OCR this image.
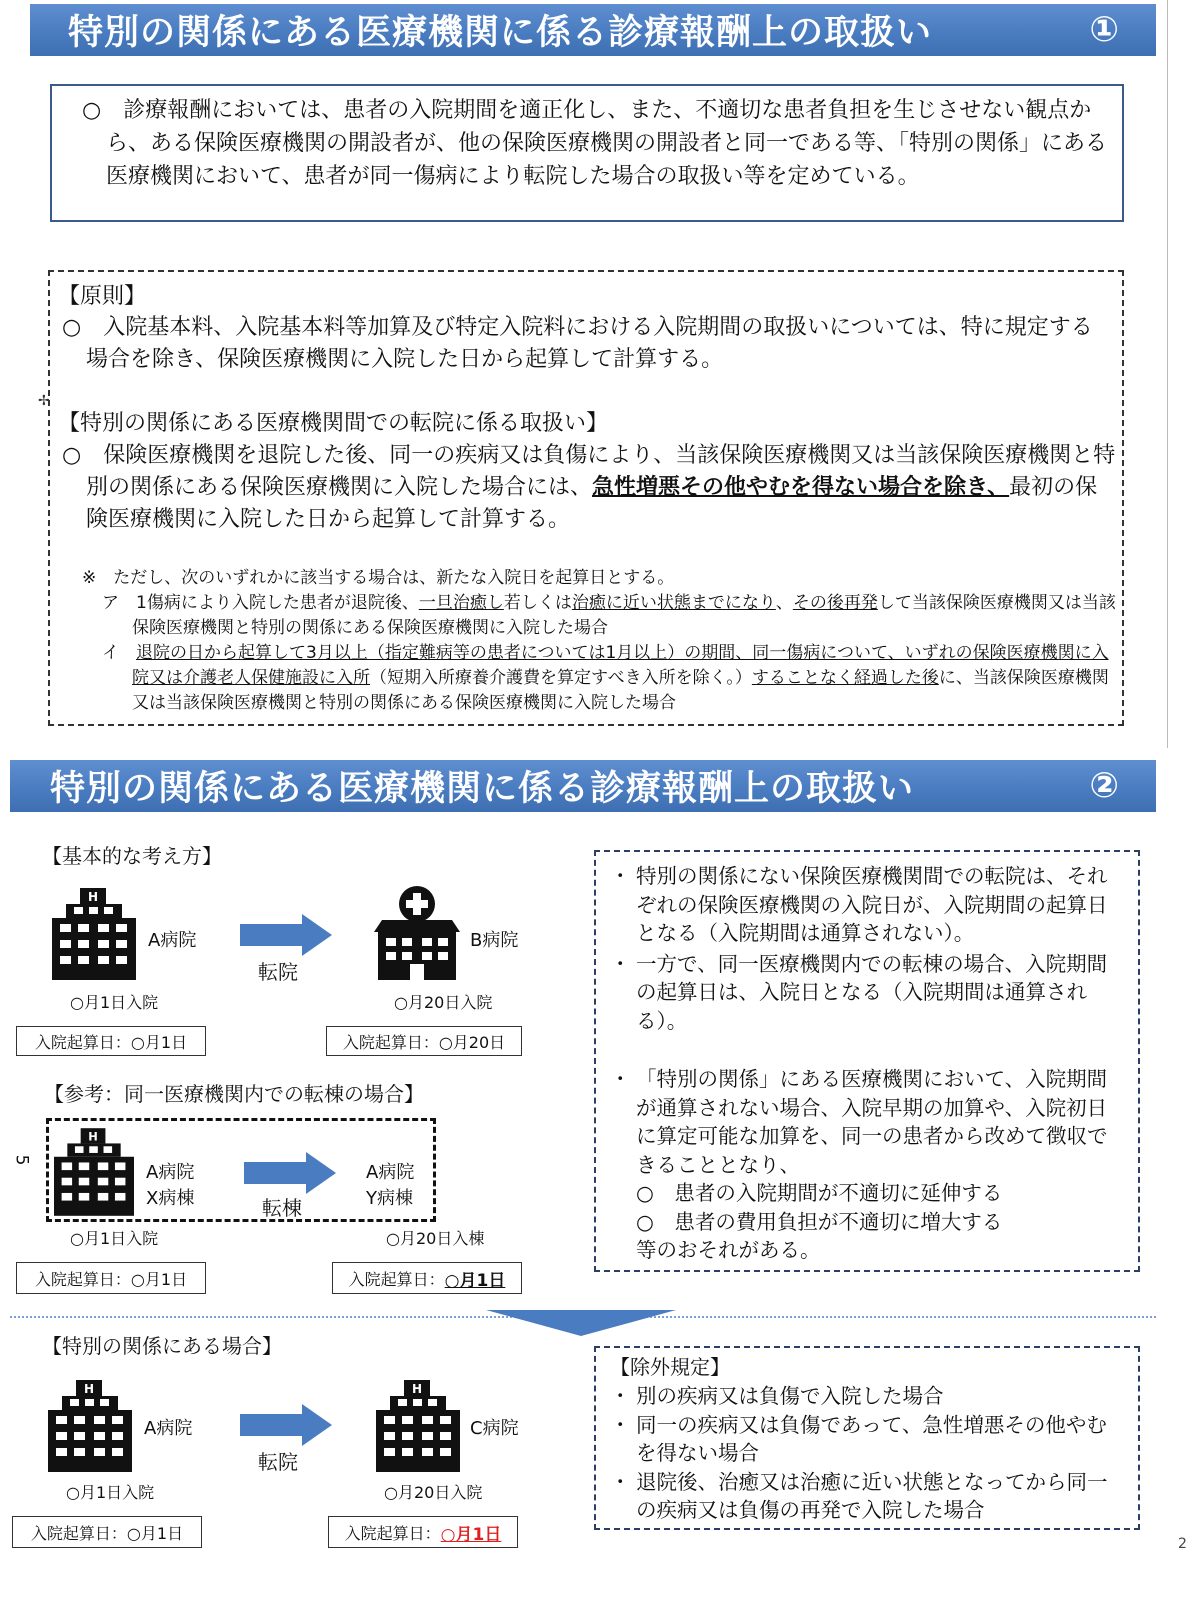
特別の関係にある医療機関に係る診療報酬上の取扱い	①

○　診療報酬においては、患者の入院期間を適正化し、また、不適切な患者負担を生じさせない観点から、ある保険医療機関の開設者が、他の保険医療機関の開設者と同一である等、「特別の関係」にある医療機関において、患者が同一傷病により転院した場合の取扱い等を定めている。

【原則】
○　入院基本料、入院基本料等加算及び特定入院料における入院期間の取扱いについては、特に規定する場合を除き、保険医療機関に入院した日から起算して計算する。
✢
【特別の関係にある医療機関間での転院に係る取扱い】
○　保険医療機関を退院した後、同一の疾病又は負傷により、当該保険医療機関又は当該保険医療機関と特別の関係にある保険医療機関に入院した場合には、急性増悪その他やむを得ない場合を除き、最初の保険医療機関に入院した日から起算して計算する。
※　ただし、次のいずれかに該当する場合は、新たな入院日を起算日とする。
ア　1傷病により入院した患者が退院後、一旦治癒し若しくは治癒に近い状態までになり、その後再発して当該保険医療機関又は当該保険医療機関と特別の関係にある保険医療機関に入院した場合
イ　退院の日から起算して3月以上（指定難病等の患者については1月以上）の期間、同一傷病について、いずれの保険医療機関に入院又は介護老人保健施設に入所（短期入所療養介護費を算定すべき入所を除く。）することなく経過した後に、当該保険医療機関又は当該保険医療機関と特別の関係にある保険医療機関に入院した場合
特別の関係にある医療機関に係る診療報酬上の取扱い	②
【基本的な考え方】
H
A病院
転院
B病院
○月1日入院	○月20日入院
入院起算日：○月1日	入院起算日：○月20日
【参考：同一医療機関内での転棟の場合】
5
H
A病院
X病棟	転棟
A病院
Y病棟
○月1日入院	○月20日入棟
入院起算日：○月1日	入院起算日： ○月1日
・ 特別の関係にない保険医療機関間での転院は、それぞれの保険医療機関の入院日が、入院期間の起算日となる（入院期間は通算されない）。
・ 一方で、同一医療機関内での転棟の場合、入院期間の起算日は、入院日となる（入院期間は通算される）。
・ 「特別の関係」にある医療機関において、入院期間が通算されない場合、入院早期の加算や、入院初日に算定可能な加算を、同一の患者から改めて徴収できることとなり、
○　患者の入院期間が不適切に延伸する
○　患者の費用負担が不適切に増大する
等のおそれがある。
【特別の関係にある場合】
H
A病院
転院
H
C病院
○月1日入院	○月20日入院
入院起算日：○月1日	入院起算日： ○月1日
【除外規定】
・ 別の疾病又は負傷で入院した場合
・ 同一の疾病又は負傷であって、急性増悪その他やむを得ない場合
・ 退院後、治癒又は治癒に近い状態となってから同一の疾病又は負傷の再発で入院した場合
2
